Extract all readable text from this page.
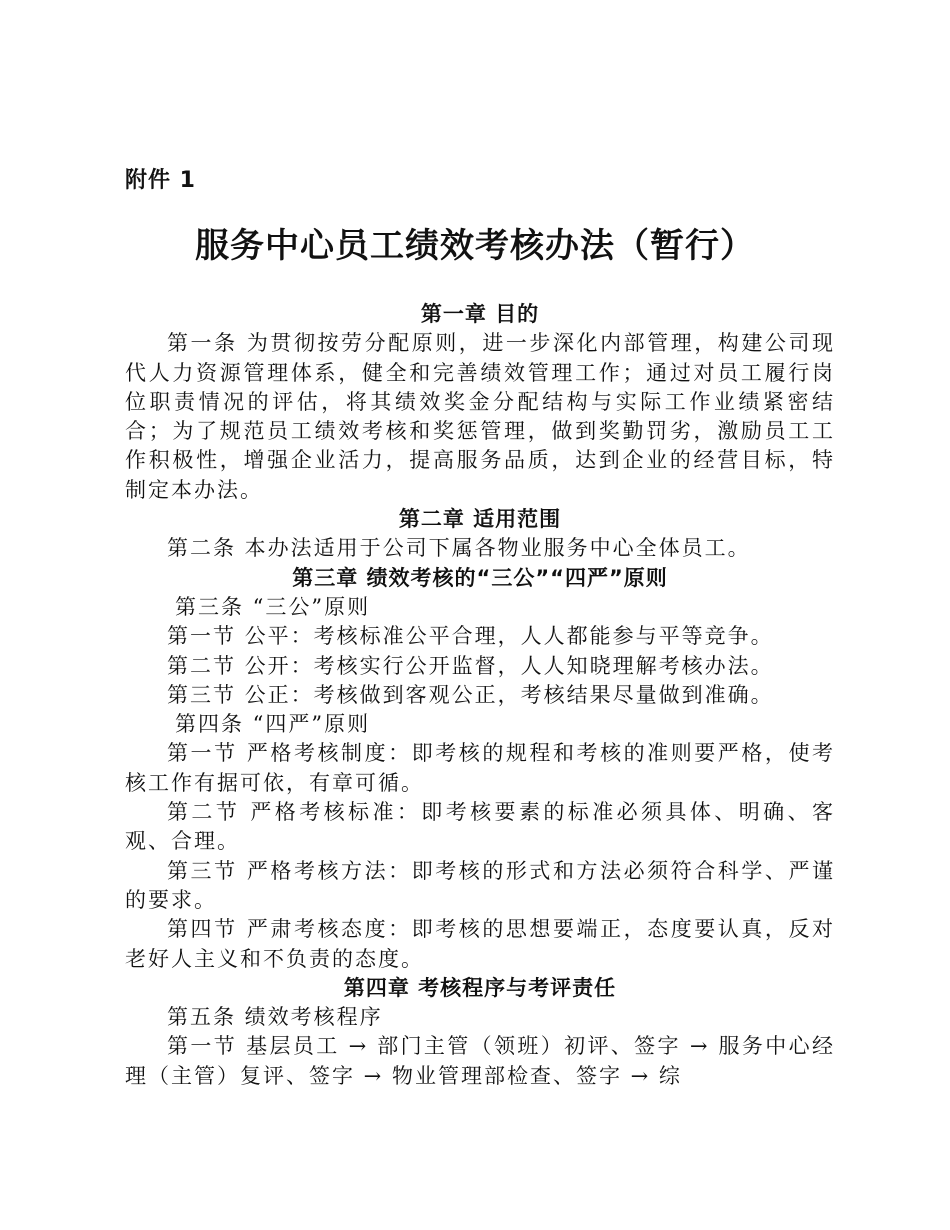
附件 1
服务中心员工绩效考核办法（暂行）
第一章 目的
第一条 为贯彻按劳分配原则，进一步深化内部管理，构建公司现代人力资源管理体系，健全和完善绩效管理工作；通过对员工履行岗位职责情况的评估，将其绩效奖金分配结构与实际工作业绩紧密结合；为了规范员工绩效考核和奖惩管理，做到奖勤罚劣，激励员工工作积极性，增强企业活力，提高服务品质，达到企业的经营目标，特制定本办法。
第二章 适用范围
第二条 本办法适用于公司下属各物业服务中心全体员工。
第三章 绩效考核的“三公”“四严”原则
第三条 “三公”原则
第一节 公平：考核标准公平合理，人人都能参与平等竞争。
第二节 公开：考核实行公开监督，人人知晓理解考核办法。
第三节 公正：考核做到客观公正，考核结果尽量做到准确。
第四条 “四严”原则
第一节 严格考核制度：即考核的规程和考核的准则要严格，使考核工作有据可依，有章可循。
第二节 严格考核标准：即考核要素的标准必须具体、明确、客观、合理。
第三节 严格考核方法：即考核的形式和方法必须符合科学、严谨的要求。
第四节 严肃考核态度：即考核的思想要端正，态度要认真，反对老好人主义和不负责的态度。
第四章 考核程序与考评责任
第五条 绩效考核程序
第一节 基层员工 → 部门主管（领班）初评、签字 → 服务中心经理（主管）复评、签字 → 物业管理部检查、签字 → 综
